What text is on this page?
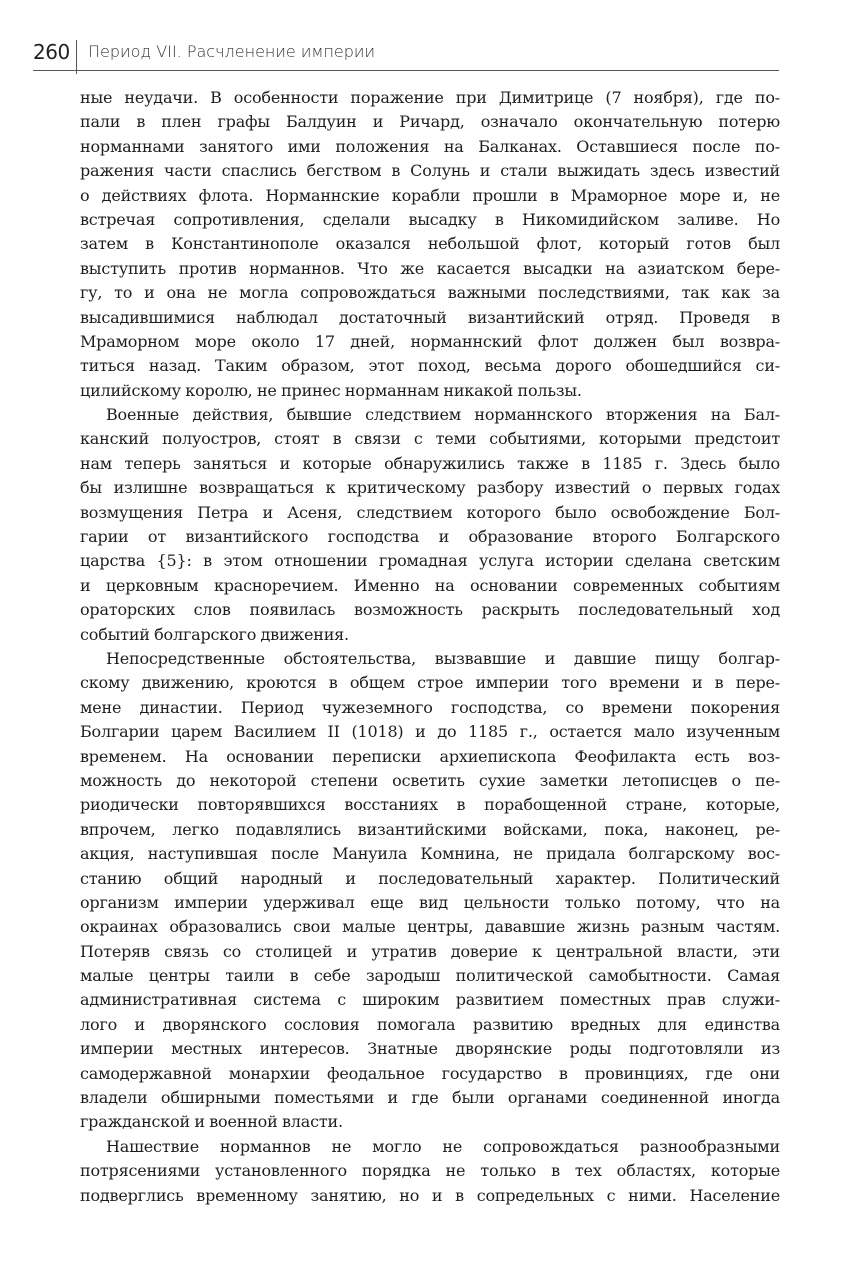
260 Период VII. Расчленение империи
ные неудачи. В особенности поражение при Димитрице (7 ноября), где по-
пали в плен графы Балдуин и Ричард, означало окончательную потерю
норманнами занятого ими положения на Балканах. Оставшиеся после по-
ражения части спаслись бегством в Солунь и стали выжидать здесь известий
о действиях флота. Норманнские корабли прошли в Мраморное море и, не
встречая сопротивления, сделали высадку в Никомидийском заливе. Но
затем в Константинополе оказался небольшой флот, который готов был
выступить против норманнов. Что же касается высадки на азиатском бере-
гу, то и она не могла сопровождаться важными последствиями, так как за
высадившимися наблюдал достаточный византийский отряд. Проведя в
Мраморном море около 17 дней, норманнский флот должен был возвра-
титься назад. Таким образом, этот поход, весьма дорого обошедшийся си-
цилийскому королю, не принес норманнам никакой пользы.
Военные действия, бывшие следствием норманнского вторжения на Бал-
канский полуостров, стоят в связи с теми событиями, которыми предстоит
нам теперь заняться и которые обнаружились также в 1185 г. Здесь было
бы излишне возвращаться к критическому разбору известий о первых годах
возмущения Петра и Асеня, следствием которого было освобождение Бол-
гарии от византийского господства и образование второго Болгарского
царства {5}: в этом отношении громадная услуга истории сделана светским
и церковным красноречием. Именно на основании современных событиям
ораторских слов появилась возможность раскрыть последовательный ход
событий болгарского движения.
Непосредственные обстоятельства, вызвавшие и давшие пищу болгар-
скому движению, кроются в общем строе империи того времени и в пере-
мене династии. Период чужеземного господства, со времени покорения
Болгарии царем Василием II (1018) и до 1185 г., остается мало изученным
временем. На основании переписки архиепископа Феофилакта есть воз-
можность до некоторой степени осветить сухие заметки летописцев о пе-
риодически повторявшихся восстаниях в порабощенной стране, которые,
впрочем, легко подавлялись византийскими войсками, пока, наконец, ре-
акция, наступившая после Мануила Комнина, не придала болгарскому вос-
станию общий народный и последовательный характер. Политический
организм империи удерживал еще вид цельности только потому, что на
окраинах образовались свои малые центры, дававшие жизнь разным частям.
Потеряв связь со столицей и утратив доверие к центральной власти, эти
малые центры таили в себе зародыш политической самобытности. Самая
административная система с широким развитием поместных прав служи-
лого и дворянского сословия помогала развитию вредных для единства
империи местных интересов. Знатные дворянские роды подготовляли из
самодержавной монархии феодальное государство в провинциях, где они
владели обширными поместьями и где были органами соединенной иногда
гражданской и военной власти.
Нашествие норманнов не могло не сопровождаться разнообразными
потрясениями установленного порядка не только в тех областях, которые
подверглись временному занятию, но и в сопредельных с ними. Население
